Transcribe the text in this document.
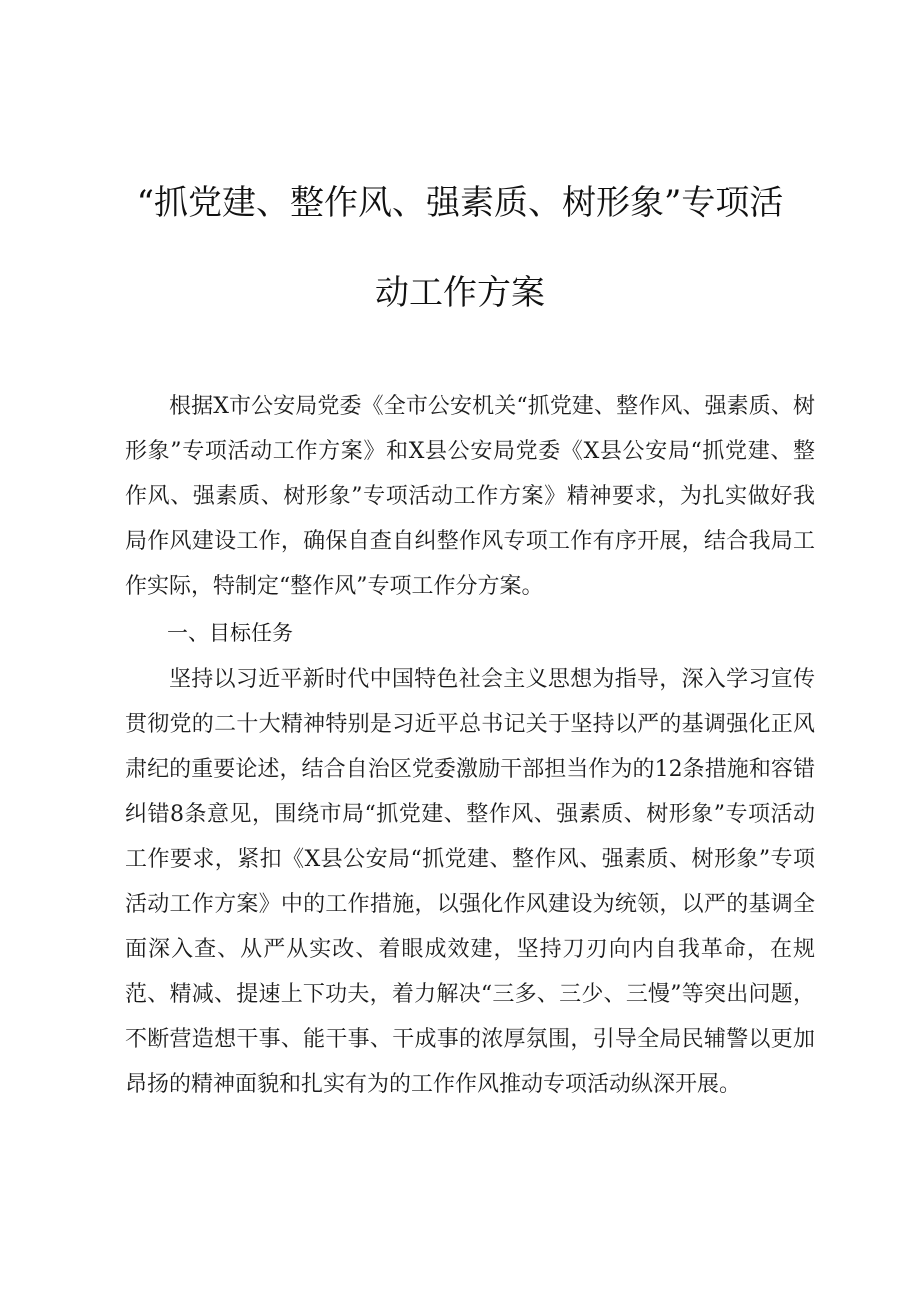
“抓党建、整作风、强素质、树形象”专项活
动工作方案

根据X市公安局党委《全市公安机关“抓党建、整作风、强素质、树形象”专项活动工作方案》和X县公安局党委《X县公安局“抓党建、整作风、强素质、树形象”专项活动工作方案》精神要求，为扎实做好我局作风建设工作，确保自查自纠整作风专项工作有序开展，结合我局工作实际，特制定“整作风”专项工作分方案。

一、目标任务

坚持以习近平新时代中国特色社会主义思想为指导，深入学习宣传贯彻党的二十大精神特别是习近平总书记关于坚持以严的基调强化正风肃纪的重要论述，结合自治区党委激励干部担当作为的12条措施和容错纠错8条意见，围绕市局“抓党建、整作风、强素质、树形象”专项活动工作要求，紧扣《X县公安局“抓党建、整作风、强素质、树形象”专项活动工作方案》中的工作措施，以强化作风建设为统领，以严的基调全面深入查、从严从实改、着眼成效建，坚持刀刃向内自我革命，在规范、精减、提速上下功夫，着力解决“三多、三少、三慢”等突出问题，不断营造想干事、能干事、干成事的浓厚氛围，引导全局民辅警以更加昂扬的精神面貌和扎实有为的工作作风推动专项活动纵深开展。
